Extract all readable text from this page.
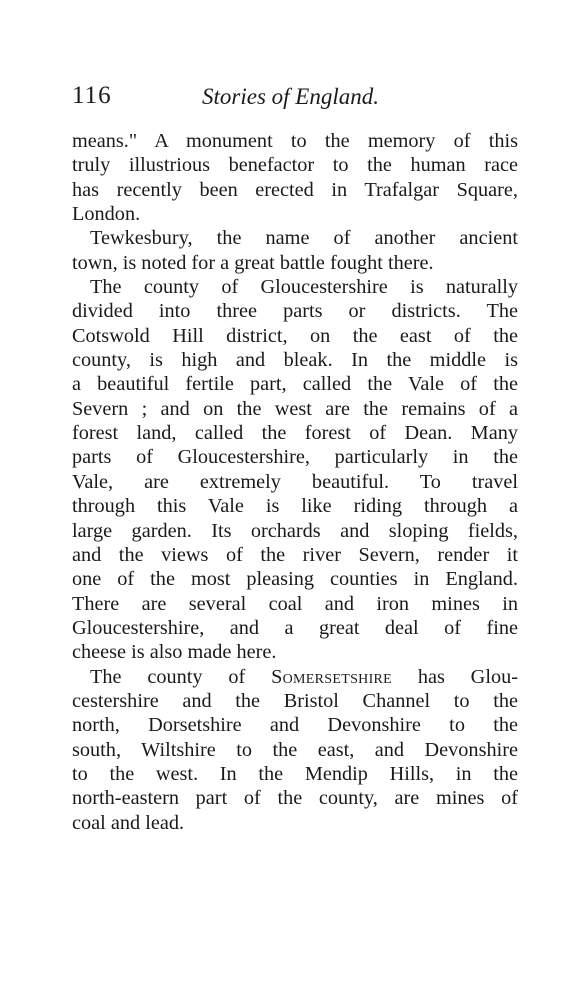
116	Stories of England.

means." A monument to the memory of this
truly illustrious benefactor to the human race
has recently been erected in Trafalgar Square,
London.

Tewkesbury, the name of another ancient
town, is noted for a great battle fought there.

The county of Gloucestershire is naturally
divided into three parts or districts. The
Cotswold Hill district, on the east of the
county, is high and bleak. In the middle is
a beautiful fertile part, called the Vale of the
Severn ; and on the west are the remains of a
forest land, called the forest of Dean. Many
parts of Gloucestershire, particularly in the
Vale, are extremely beautiful. To travel
through this Vale is like riding through a
large garden. Its orchards and sloping fields,
and the views of the river Severn, render it
one of the most pleasing counties in England.
There are several coal and iron mines in
Gloucestershire, and a great deal of fine
cheese is also made here.

The county of Somersetshire has Glou-
cestershire and the Bristol Channel to the
north, Dorsetshire and Devonshire to the
south, Wiltshire to the east, and Devonshire
to the west. In the Mendip Hills, in the
north-eastern part of the county, are mines of
coal and lead.
